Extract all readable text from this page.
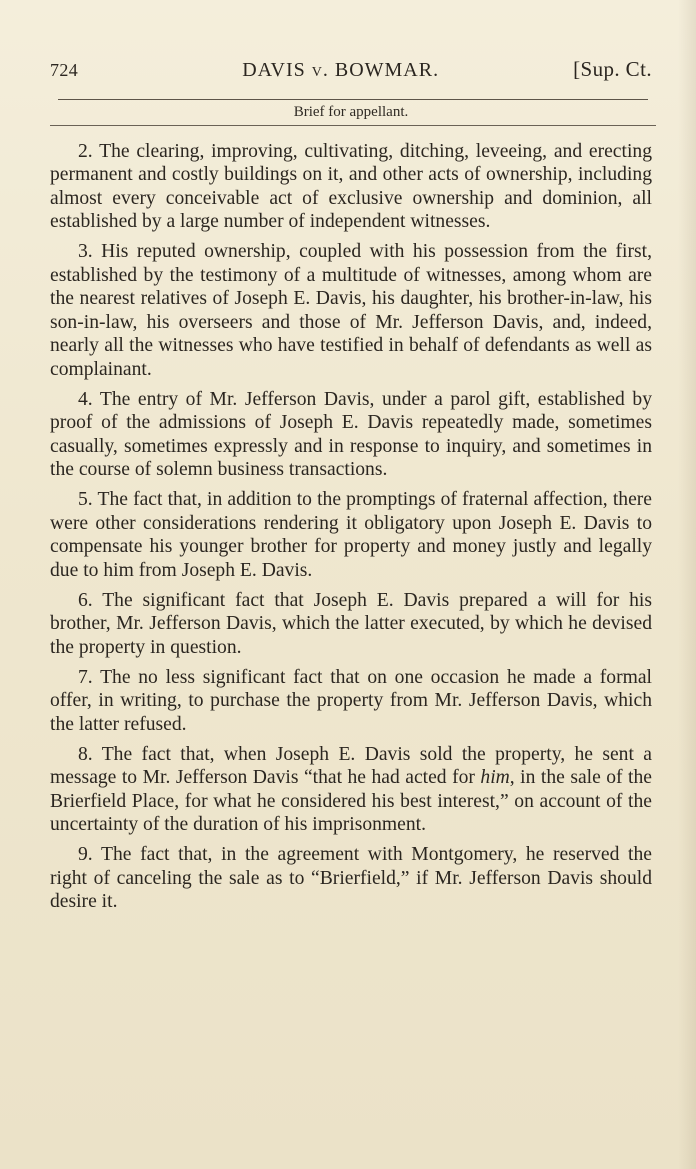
724	DAVIS v. BOWMAR.	[Sup. Ct.
Brief for appellant.

2. The clearing, improving, cultivating, ditching, leveeing, and erecting permanent and costly buildings on it, and other acts of ownership, including almost every conceivable act of exclusive ownership and dominion, all established by a large number of independent witnesses.

3. His reputed ownership, coupled with his possession from the first, established by the testimony of a multitude of witnesses, among whom are the nearest relatives of Joseph E. Davis, his daughter, his brother-in-law, his son-in-law, his overseers and those of Mr. Jefferson Davis, and, indeed, nearly all the witnesses who have testified in behalf of defendants as well as complainant.

4. The entry of Mr. Jefferson Davis, under a parol gift, established by proof of the admissions of Joseph E. Davis repeatedly made, sometimes casually, sometimes expressly and in response to inquiry, and sometimes in the course of solemn business transactions.

5. The fact that, in addition to the promptings of fraternal affection, there were other considerations rendering it obligatory upon Joseph E. Davis to compensate his younger brother for property and money justly and legally due to him from Joseph E. Davis.

6. The significant fact that Joseph E. Davis prepared a will for his brother, Mr. Jefferson Davis, which the latter executed, by which he devised the property in question.

7. The no less significant fact that on one occasion he made a formal offer, in writing, to purchase the property from Mr. Jefferson Davis, which the latter refused.

8. The fact that, when Joseph E. Davis sold the property, he sent a message to Mr. Jefferson Davis “that he had acted for him, in the sale of the Brierfield Place, for what he considered his best interest,” on account of the uncertainty of the duration of his imprisonment.

9. The fact that, in the agreement with Montgomery, he reserved the right of canceling the sale as to “Brierfield,” if Mr. Jefferson Davis should desire it.
